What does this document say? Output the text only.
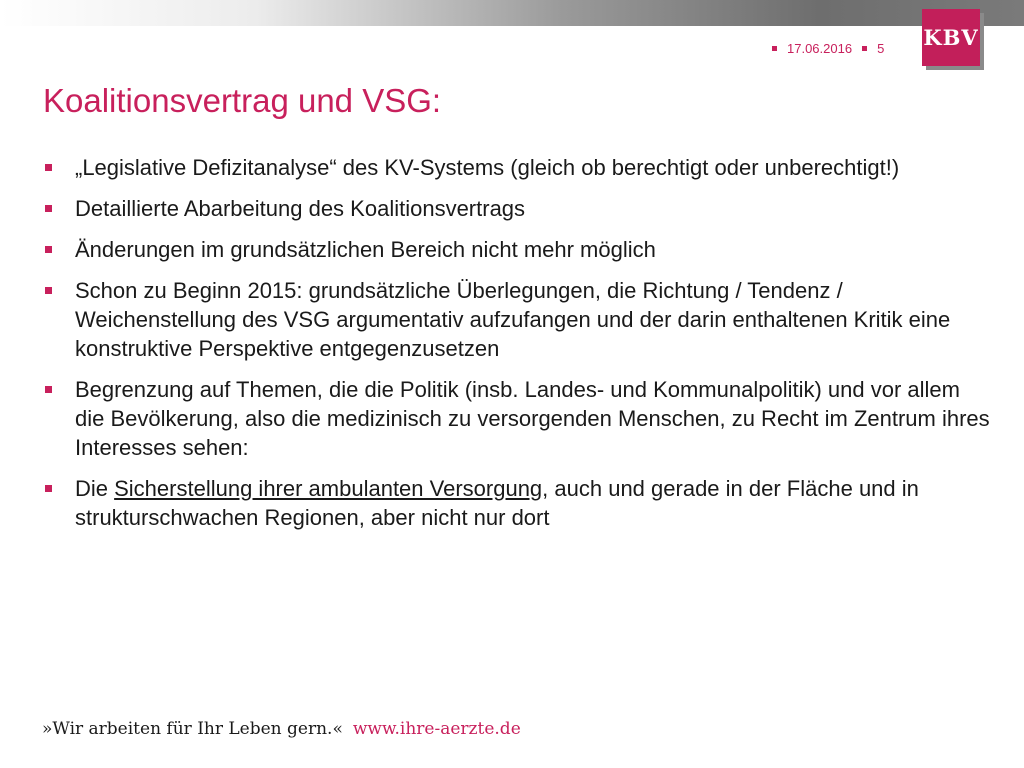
17.06.2016 5 KBV
Koalitionsvertrag und VSG:
„Legislative Defizitanalyse“ des KV-Systems (gleich ob berechtigt oder unberechtigt!)
Detaillierte Abarbeitung des Koalitionsvertrags
Änderungen im grundsätzlichen Bereich nicht mehr möglich
Schon zu Beginn 2015: grundsätzliche Überlegungen, die Richtung / Tendenz / Weichenstellung des VSG argumentativ aufzufangen und der darin enthaltenen Kritik eine konstruktive Perspektive entgegenzusetzen
Begrenzung auf Themen, die die Politik (insb. Landes- und Kommunalpolitik) und vor allem die Bevölkerung, also die medizinisch zu versorgenden Menschen, zu Recht im Zentrum ihres Interesses sehen:
Die Sicherstellung ihrer ambulanten Versorgung, auch und gerade in der Fläche und in strukturschwachen Regionen, aber nicht nur dort
»Wir arbeiten für Ihr Leben gern.« www.ihre-aerzte.de
